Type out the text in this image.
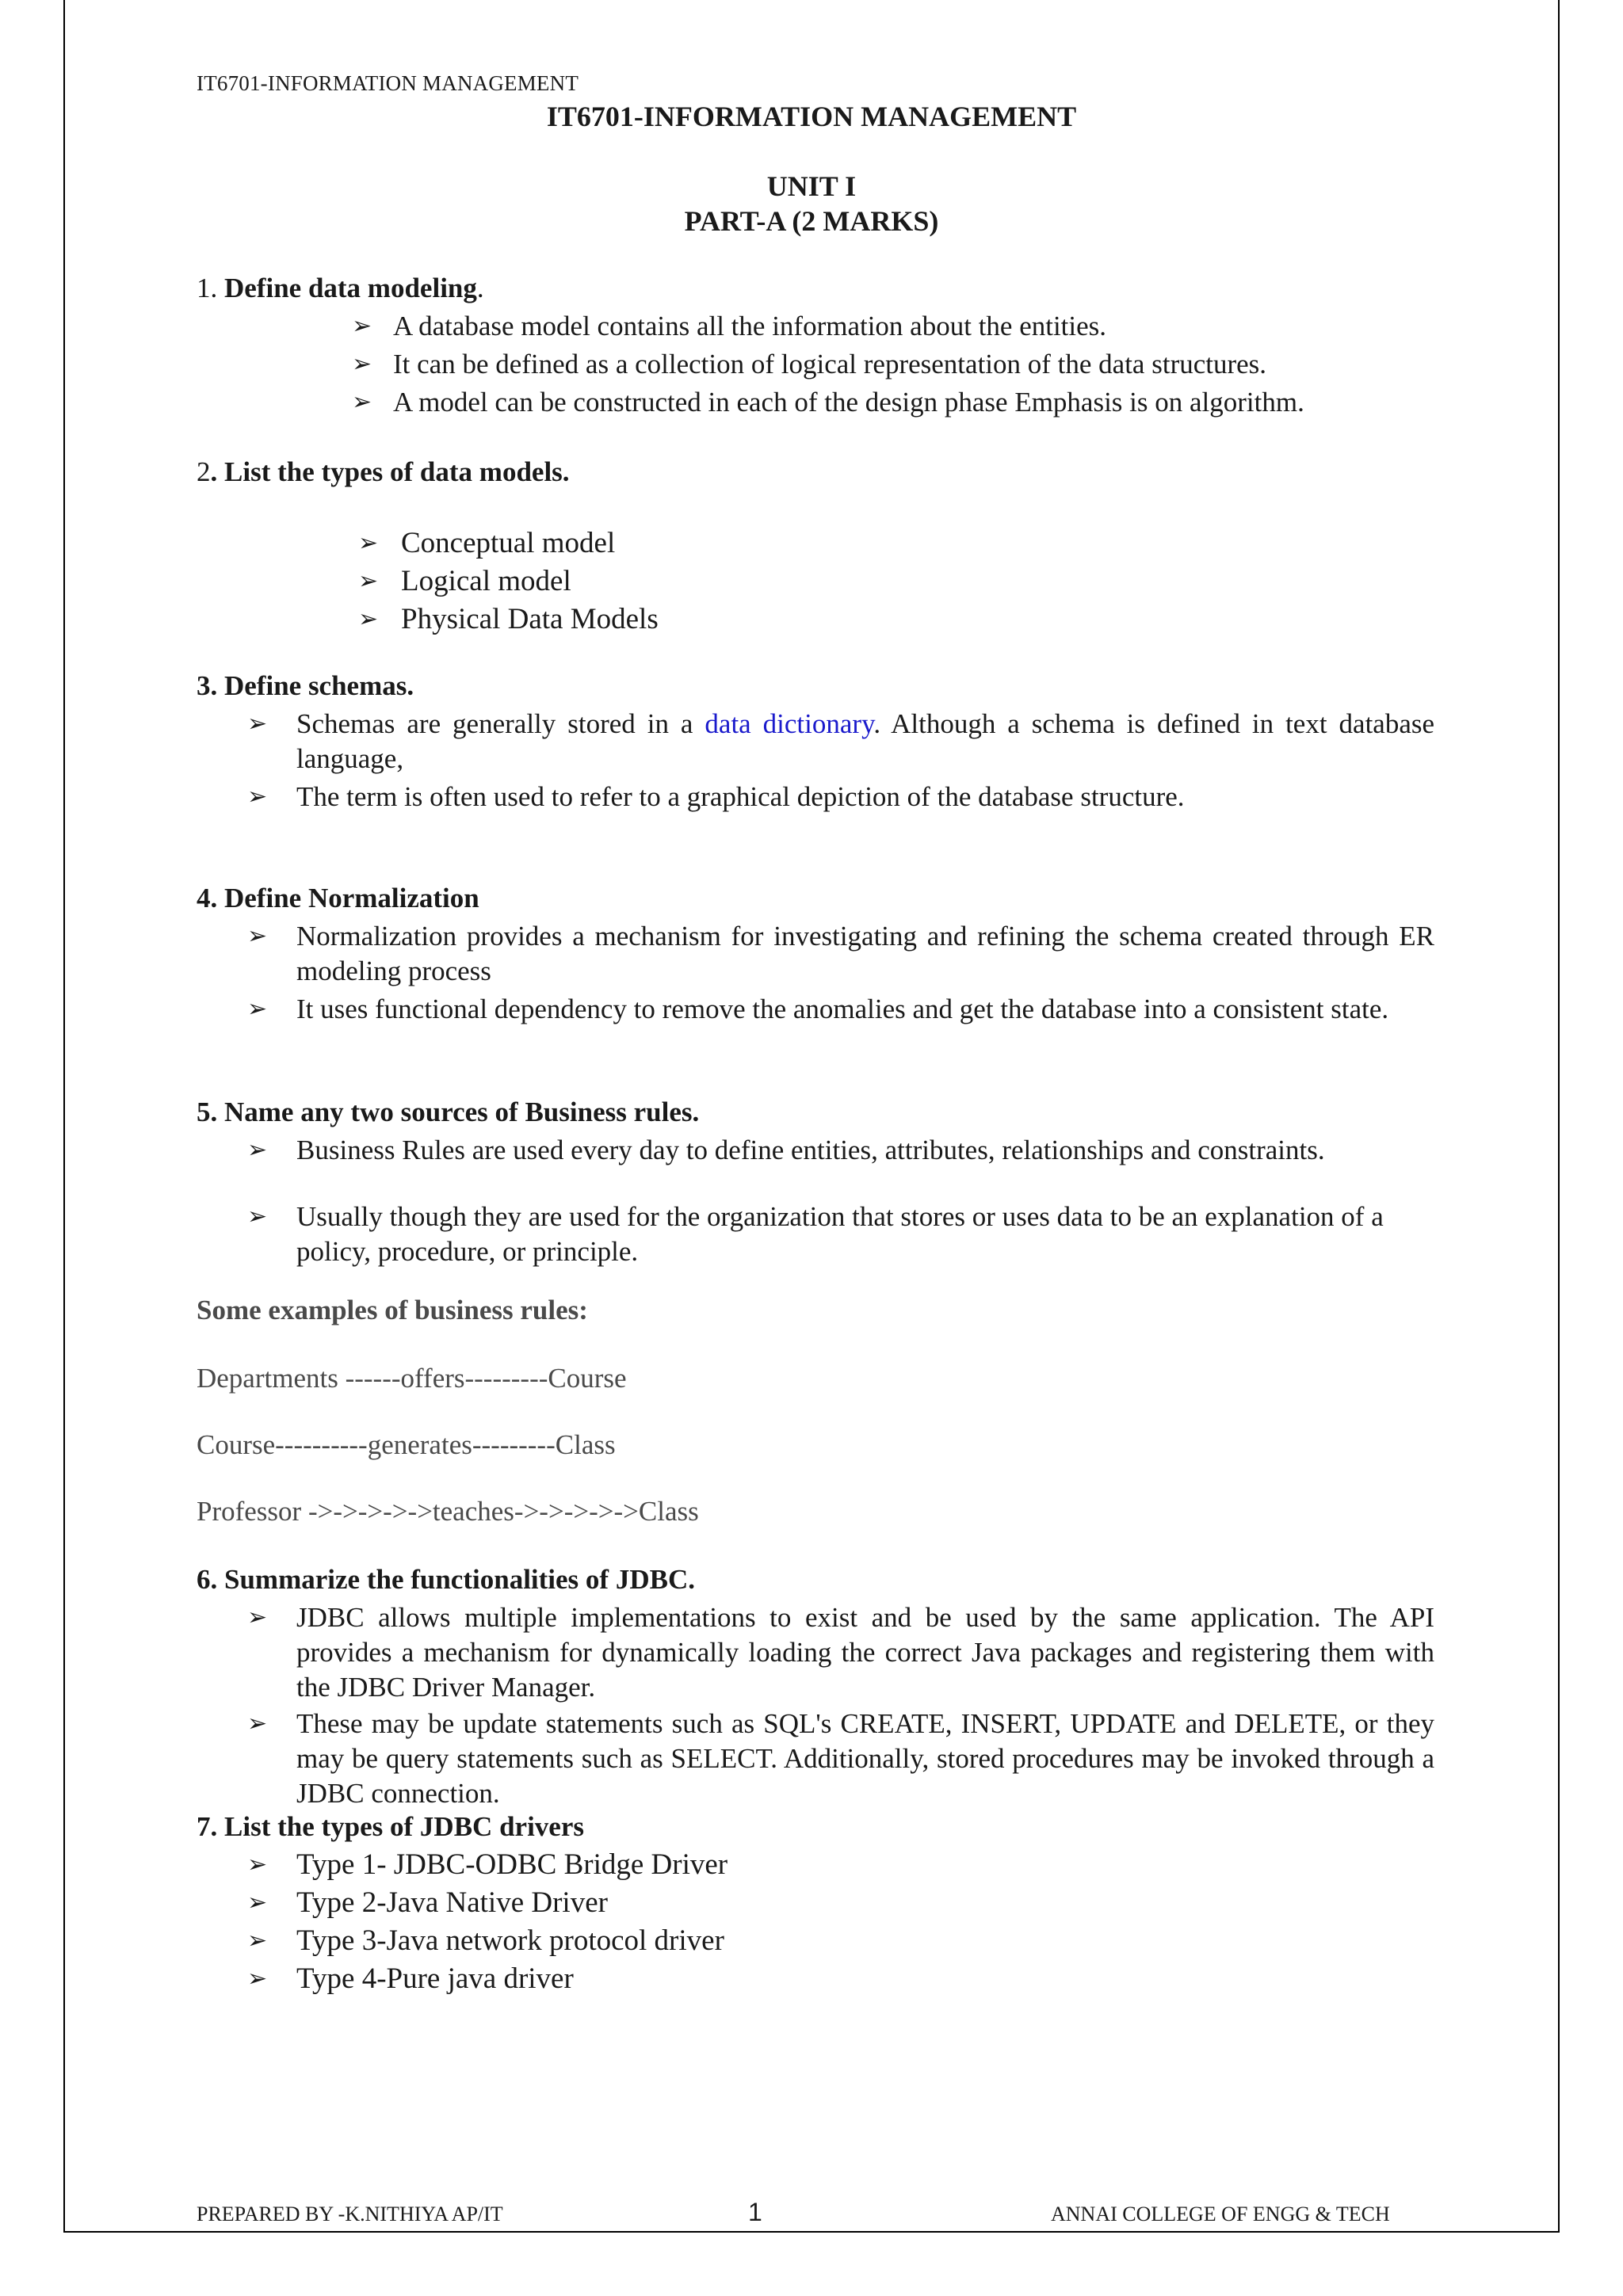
IT6701-INFORMATION MANAGEMENT
IT6701-INFORMATION MANAGEMENT
UNIT I
PART-A (2 MARKS)
1. Define data modeling.
➢ A database model contains all the information about the entities.
➢ It can be defined as a collection of logical representation of the data structures.
➢ A model can be constructed in each of the design phase Emphasis is on algorithm.
2. List the types of data models.
➢ Conceptual model
➢ Logical model
➢ Physical Data Models
3. Define schemas.
➢ Schemas are generally stored in a data dictionary. Although a schema is defined in text database language,
➢ The term is often used to refer to a graphical depiction of the database structure.
4. Define Normalization
➢ Normalization provides a mechanism for investigating and refining the schema created through ER modeling process
➢ It uses functional dependency to remove the anomalies and get the database into a consistent state.
5. Name any two sources of Business rules.
➢ Business Rules are used every day to define entities, attributes, relationships and constraints.
➢ Usually though they are used for the organization that stores or uses data to be an explanation of a policy, procedure, or principle.
Some examples of business rules:
Departments ------offers---------Course
Course----------generates---------Class
Professor ->->->->->teaches->->->->->Class
6. Summarize the functionalities of JDBC.
➢ JDBC allows multiple implementations to exist and be used by the same application. The API provides a mechanism for dynamically loading the correct Java packages and registering them with the JDBC Driver Manager.
➢ These may be update statements such as SQL's CREATE, INSERT, UPDATE and DELETE, or they may be query statements such as SELECT. Additionally, stored procedures may be invoked through a JDBC connection.
7. List the types of JDBC drivers
➢ Type 1- JDBC-ODBC Bridge Driver
➢ Type 2-Java Native Driver
➢ Type 3-Java network protocol driver
➢ Type 4-Pure java driver
PREPARED BY -K.NITHIYA AP/IT	1	ANNAI COLLEGE OF ENGG & TECH
